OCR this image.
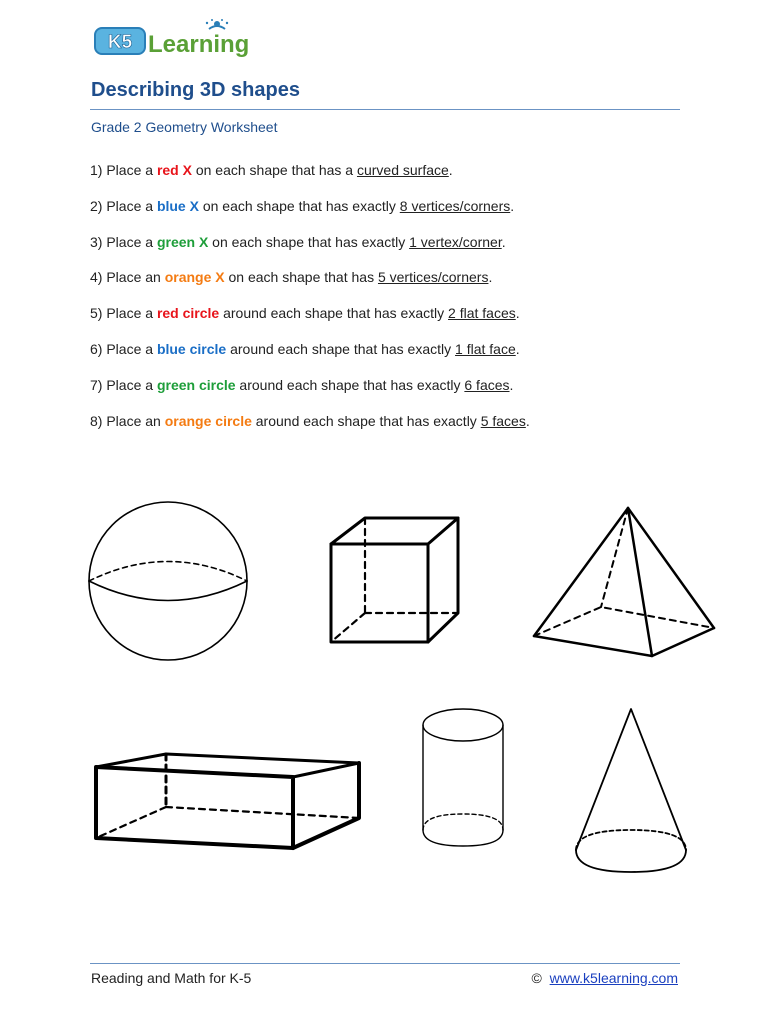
K5 Learning
Describing 3D shapes
Grade 2 Geometry Worksheet
1) Place a red X on each shape that has a curved surface.
2) Place a blue X on each shape that has exactly 8 vertices/corners.
3) Place a green X on each shape that has exactly 1 vertex/corner.
4) Place an orange X on each shape that has 5 vertices/corners.
5) Place a red circle around each shape that has exactly 2 flat faces.
6) Place a blue circle around each shape that has exactly 1 flat face.
7) Place a green circle around each shape that has exactly 6 faces.
8) Place an orange circle around each shape that has exactly 5 faces.
Reading and Math for K-5	© www.k5learning.com
